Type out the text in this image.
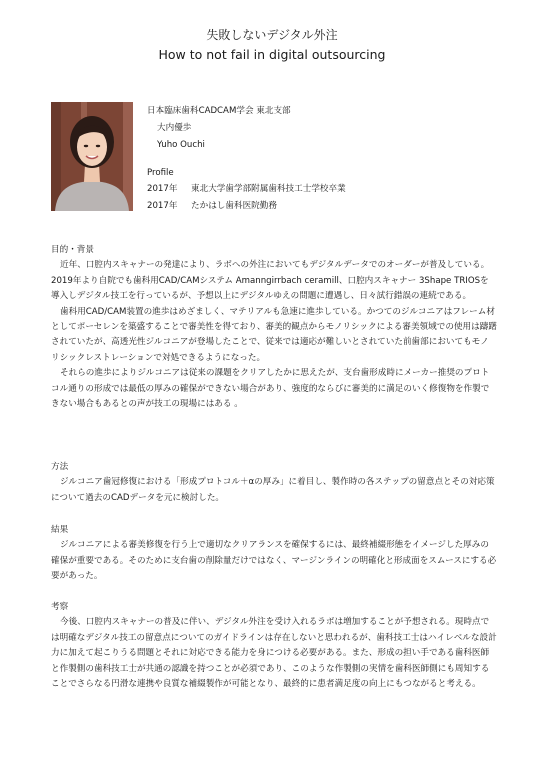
失敗しないデジタル外注
How to not fail in digital outsourcing
日本臨床歯科CADCAM学会 東北支部
大内優歩
Yuho Ouchi
Profile
2017年 東北大学歯学部附属歯科技工士学校卒業
2017年 たかはし歯科医院勤務
目的・背景

近年、口腔内スキャナーの発達により、ラボへの外注においてもデジタルデータでのオーダーが普及している。2019年より自院でも歯科用CAD/CAMシステム Amanngirrbach ceramill、口腔内スキャナー 3Shape TRIOSを導入しデジタル技工を行っているが、予想以上にデジタルゆえの問題に遭遇し、日々試行錯誤の連続である。

歯科用CAD/CAM装置の進歩はめざましく、マテリアルも急速に進歩している。かつてのジルコニアはフレーム材としてポーセレンを築盛することで審美性を得ており、審美的観点からモノリシックによる審美領域での使用は躊躇されていたが、高透光性ジルコニアが登場したことで、従来では適応が難しいとされていた前歯部においてもモノリシックレストレーションで対処できるようになった。

それらの進歩によりジルコニアは従来の課題をクリアしたかに思えたが、支台歯形成時にメーカー推奨のプロトコル通りの形成では最低の厚みの確保ができない場合があり、強度的ならびに審美的に満足のいく修復物を作製できない場合もあるとの声が技工の現場にはある 。

方法

ジルコニア歯冠修復における「形成プロトコル＋αの厚み」に着目し、製作時の各ステップの留意点とその対応策について過去のCADデータを元に検討した。

結果

ジルコニアによる審美修復を行う上で適切なクリアランスを確保するには、最終補綴形態をイメージした厚みの確保が重要である。そのために支台歯の削除量だけではなく、マージンラインの明確化と形成面をスムースにする必要があった。

考察

今後、口腔内スキャナーの普及に伴い、デジタル外注を受け入れるラボは増加することが予想される。現時点では明確なデジタル技工の留意点についてのガイドラインは存在しないと思われるが、歯科技工士はハイレベルな設計力に加えて起こりうる問題とそれに対応できる能力を身につける必要がある。また、形成の担い手である歯科医師と作製側の歯科技工士が共通の認識を持つことが必須であり、このような作製側の実情を歯科医師側にも周知することでさらなる円滑な連携や良質な補綴製作が可能となり、最終的に患者満足度の向上にもつながると考える。
